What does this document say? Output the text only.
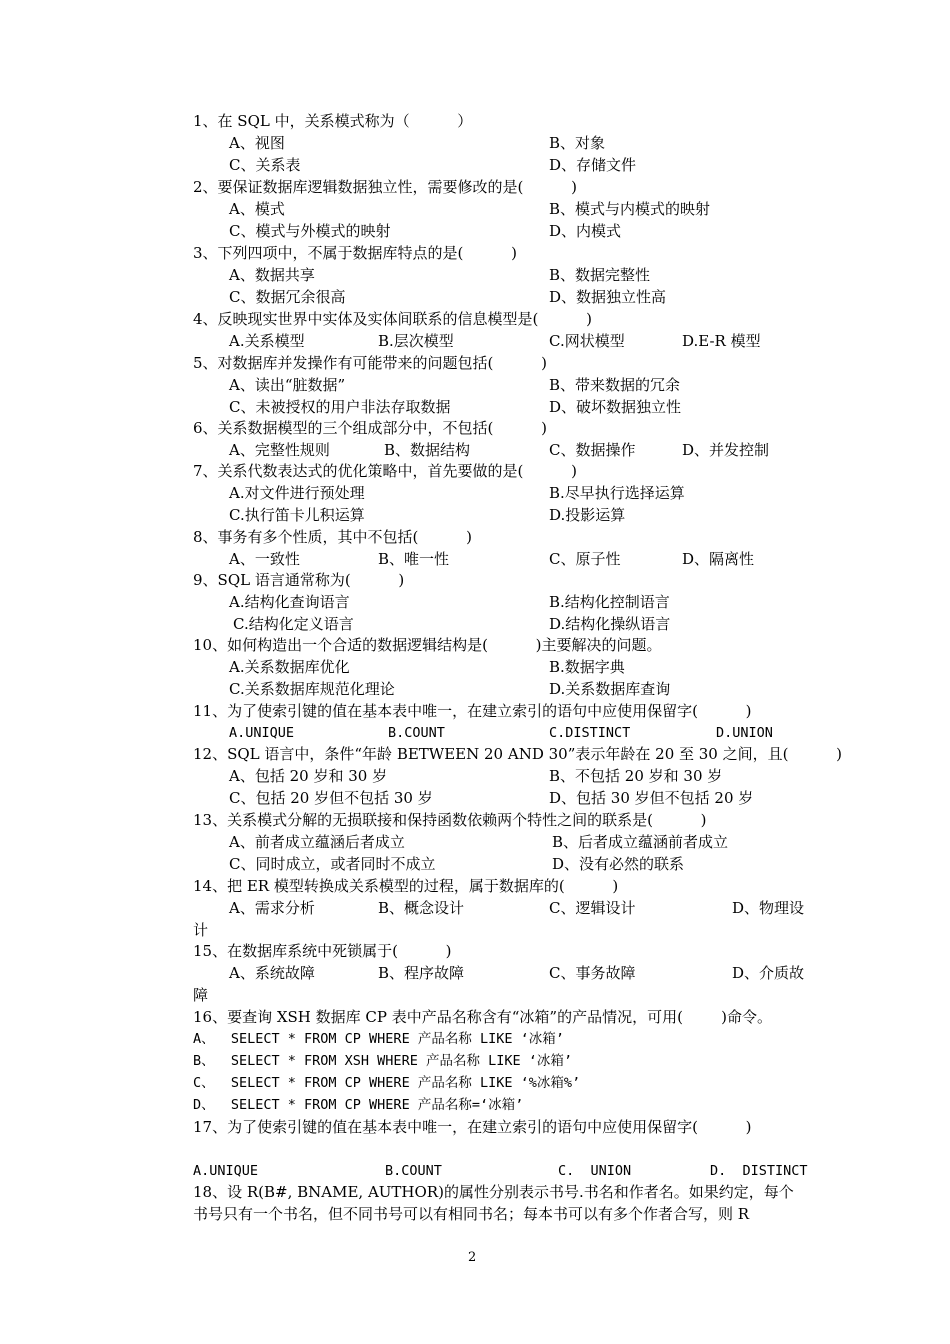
1、在 SQL 中，关系模式称为（          ）
A、视图	B、对象
C、关系表	D、存储文件
2、要保证数据库逻辑数据独立性，需要修改的是(          )
A、模式	B、模式与内模式的映射
C、模式与外模式的映射	D、内模式
3、下列四项中，不属于数据库特点的是(          )
A、数据共享	B、数据完整性
C、数据冗余很高	D、数据独立性高
4、反映现实世界中实体及实体间联系的信息模型是(          )
A.关系模型	B.层次模型	C.网状模型	D.E-R 模型
5、对数据库并发操作有可能带来的问题包括(          )
A、读出“脏数据”	B、带来数据的冗余
C、未被授权的用户非法存取数据	D、破坏数据独立性
6、关系数据模型的三个组成部分中，不包括(          )
A、完整性规则	B、数据结构	C、数据操作	D、并发控制
7、关系代数表达式的优化策略中，首先要做的是(          )
A.对文件进行预处理	B.尽早执行选择运算
C.执行笛卡儿积运算	D.投影运算
8、事务有多个性质，其中不包括(          )
A、一致性	B、唯一性	C、原子性	D、隔离性
9、SQL 语言通常称为(          )
A.结构化查询语言	B.结构化控制语言
C.结构化定义语言	D.结构化操纵语言
10、如何构造出一个合适的数据逻辑结构是(          )主要解决的问题。
A.关系数据库优化	B.数据字典
C.关系数据库规范化理论	D.关系数据库查询
11、为了使索引键的值在基本表中唯一，在建立索引的语句中应使用保留字(          )
A.UNIQUE	B.COUNT	C.DISTINCT	D.UNION
12、SQL 语言中，条件“年龄 BETWEEN 20 AND 30”表示年龄在 20 至 30 之间，且(          )
A、包括 20 岁和 30 岁	B、不包括 20 岁和 30 岁
C、包括 20 岁但不包括 30 岁	D、包括 30 岁但不包括 20 岁
13、关系模式分解的无损联接和保持函数依赖两个特性之间的联系是(          )
A、前者成立蕴涵后者成立	B、后者成立蕴涵前者成立
C、同时成立，或者同时不成立	D、没有必然的联系
14、把 ER 模型转换成关系模型的过程，属于数据库的(          )
A、需求分析	B、概念设计	C、逻辑设计	D、物理设
计
15、在数据库系统中死锁属于(          )
A、系统故障	B、程序故障	C、事务故障	D、介质故
障
16、要查询 XSH 数据库 CP 表中产品名称含有“冰箱”的产品情况，可用(        )命令。
A、  SELECT * FROM CP WHERE 产品名称 LIKE ‘冰箱’
B、  SELECT * FROM XSH WHERE 产品名称 LIKE ‘冰箱’
C、  SELECT * FROM CP WHERE 产品名称 LIKE ‘%冰箱%’
D、  SELECT * FROM CP WHERE 产品名称=‘冰箱’
17、为了使索引键的值在基本表中唯一，在建立索引的语句中应使用保留字(          )
A.UNIQUE	B.COUNT	C.  UNION	D.  DISTINCT
18、设 R(B#, BNAME, AUTHOR)的属性分别表示书号.书名和作者名。如果约定，每个
书号只有一个书名，但不同书号可以有相同书名；每本书可以有多个作者合写，则 R
2
